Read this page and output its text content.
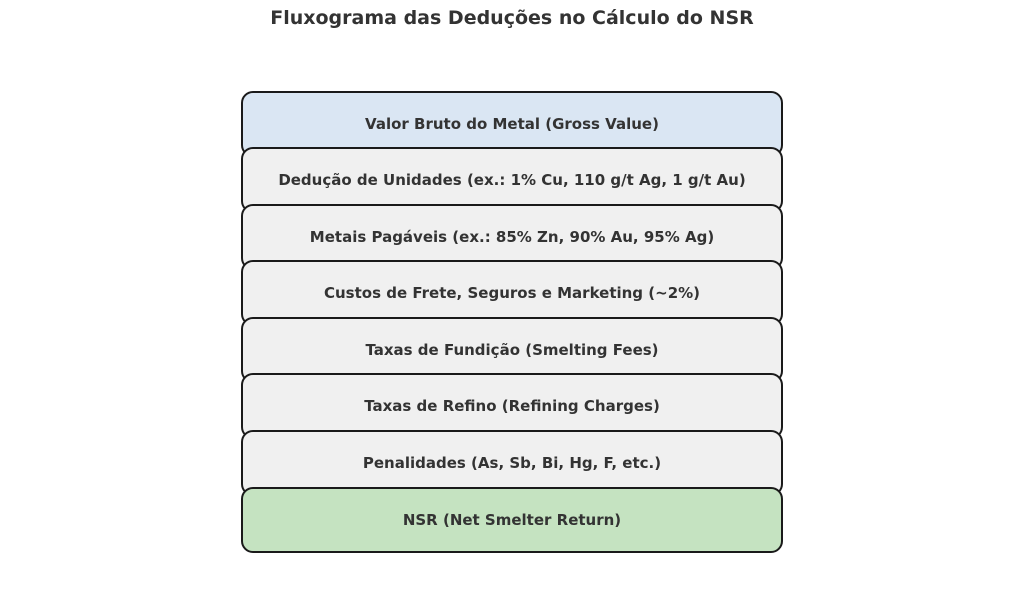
Fluxograma das Deduções no Cálculo do NSR
Valor Bruto do Metal (Gross Value)
Dedução de Unidades (ex.: 1% Cu, 110 g/t Ag, 1 g/t Au)
Metais Pagáveis (ex.: 85% Zn, 90% Au, 95% Ag)
Custos de Frete, Seguros e Marketing (~2%)
Taxas de Fundição (Smelting Fees)
Taxas de Refino (Refining Charges)
Penalidades (As, Sb, Bi, Hg, F, etc.)
NSR (Net Smelter Return)
